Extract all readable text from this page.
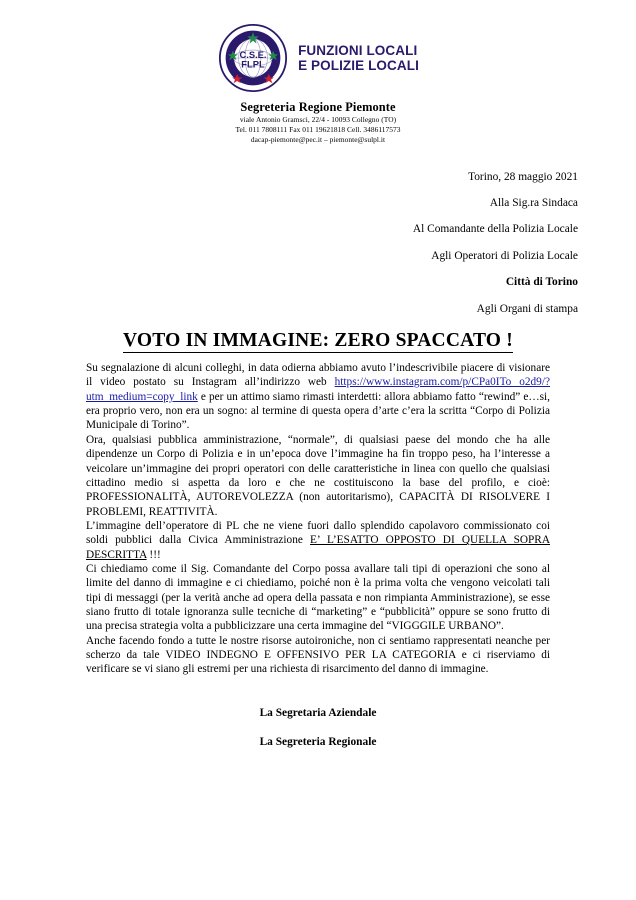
C.S.E.
FLPL
FUNZIONI LOCALI
E POLIZIE LOCALI
Segreteria Regione Piemonte
viale Antonio Gramsci, 22/4 - 10093 Collegno (TO)
Tel. 011 7808111 Fax 011 19621818 Cell. 3486117573
dacap-piemonte@pec.it – piemonte@sulpl.it
Torino, 28 maggio 2021
Alla Sig.ra Sindaca
Al Comandante della Polizia Locale
Agli Operatori di Polizia Locale
Città di Torino
Agli Organi di stampa
VOTO IN IMMAGINE: ZERO SPACCATO !

Su segnalazione di alcuni colleghi, in data odierna abbiamo avuto l’indescrivibile piacere di visionare il video postato su Instagram all’indirizzo web https://www.instagram.com/p/CPa0ITo o2d9/?utm_medium=copy_link e per un attimo siamo rimasti interdetti: allora abbiamo fatto “rewind” e…si, era proprio vero, non era un sogno: al termine di questa opera d’arte c’era la scritta “Corpo di Polizia Municipale di Torino”.

Ora, qualsiasi pubblica amministrazione, “normale”, di qualsiasi paese del mondo che ha alle dipendenze un Corpo di Polizia e in un’epoca dove l’immagine ha fin troppo peso, ha l’interesse a veicolare un’immagine dei propri operatori con delle caratteristiche in linea con quello che qualsiasi cittadino medio si aspetta da loro e che ne costituiscono la base del profilo, e cioè: PROFESSIONALITÀ, AUTOREVOLEZZA (non autoritarismo), CAPACITÀ DI RISOLVERE I PROBLEMI, REATTIVITÀ.

L’immagine dell’operatore di PL che ne viene fuori dallo splendido capolavoro commissionato coi soldi pubblici dalla Civica Amministrazione E’ L’ESATTO OPPOSTO DI QUELLA SOPRA DESCRITTA !!!

Ci chiediamo come il Sig. Comandante del Corpo possa avallare tali tipi di operazioni che sono al limite del danno di immagine e ci chiediamo, poiché non è la prima volta che vengono veicolati tali tipi di messaggi (per la verità anche ad opera della passata e non rimpianta Amministrazione), se esse siano frutto di totale ignoranza sulle tecniche di “marketing” e “pubblicità” oppure se sono frutto di una precisa strategia volta a pubblicizzare una certa immagine del “VIGGGILE URBANO”.

Anche facendo fondo a tutte le nostre risorse autoironiche, non ci sentiamo rappresentati neanche per scherzo da tale VIDEO INDEGNO E OFFENSIVO PER LA CATEGORIA e ci riserviamo di verificare se vi siano gli estremi per una richiesta di risarcimento del danno di immagine.

La Segretaria Aziendale
La Segreteria Regionale
